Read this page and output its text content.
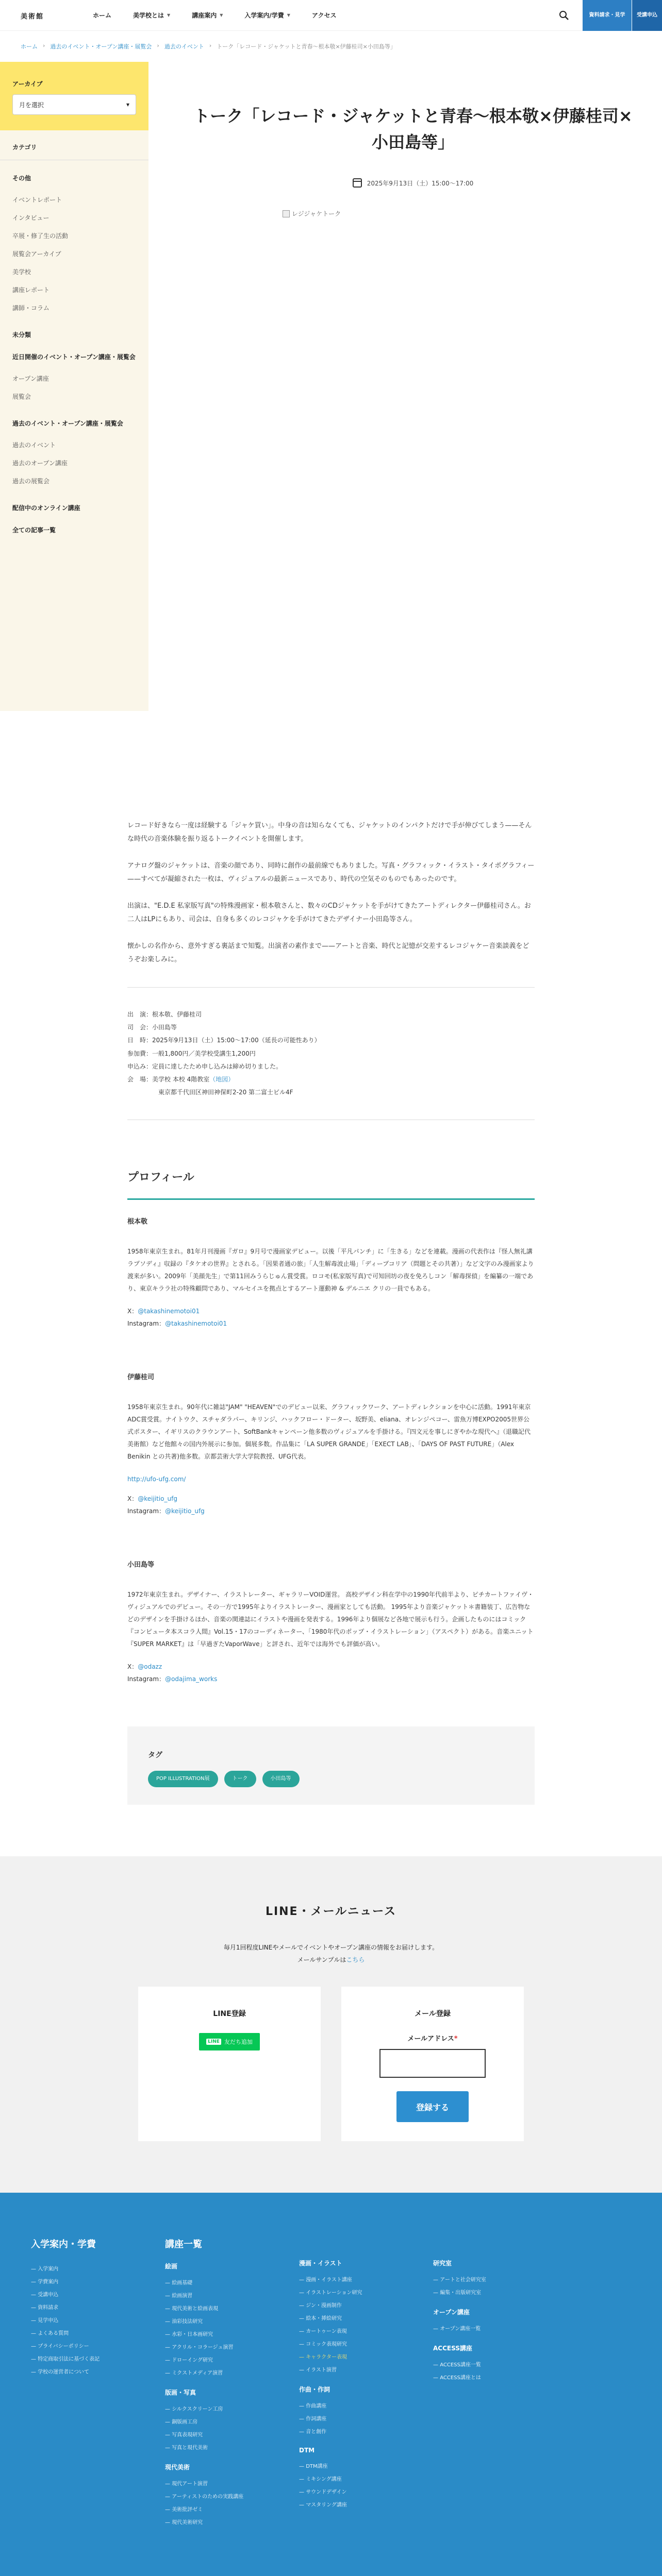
美術館	ホーム	美学校とは ▼	講座案内 ▼	入学案内/学費 ▼	アクセス	資料請求・見学	受講申込
ホーム › 過去のイベント・オープン講座・展覧会 › 過去のイベント › トーク「レコード・ジャケットと青春〜根本敬×伊藤桂司×小田島等」
アーカイブ
月を選択	▾
カテゴリ
その他
イベントレポート
インタビュー
卒展・修了生の活動
展覧会アーカイブ
美学校
講座レポート
講師・コラム
未分類
近日開催のイベント・オープン講座・展覧会
オープン講座
展覧会
過去のイベント・オープン講座・展覧会
過去のイベント
過去のオープン講座
過去の展覧会
配信中のオンライン講座
全ての記事一覧
トーク「レコード・ジャケットと青春〜根本敬×伊藤桂司×小田島等」
2025年9月13日（土）15:00〜17:00
レジジャケトーク

レコード好きなら一度は経験する「ジャケ買い」。中身の音は知らなくても、ジャケットのインパクトだけで手が伸びてしまう——そんな時代の音楽体験を振り返るトークイベントを開催します。

アナログ盤のジャケットは、音楽の顔であり、同時に創作の最前線でもありました。写真・グラフィック・イラスト・タイポグラフィー——すべてが凝縮された一枚は、ヴィジュアルの最新ニュースであり、時代の空気そのものでもあったのです。

出演は、"E.D.E 私家版写真"の特殊漫画家・根本敬さんと、数々のCDジャケットを手がけてきたアートディレクター伊藤桂司さん。お二人はLPにもあり、司会は、自身も多くのレコジャケを手がけてきたデザイナー小田島等さん。

懐かしの名作から、意外すぎる裏話まで知覧。出演者の素作まで——アートと音楽、時代と記憶が交差するレコジャケー音楽談義をどうぞお楽しみに。

出　演：根本敬、伊藤桂司
司　会：小田島等
日　時：2025年9月13日（土）15:00〜17:00（延長の可能性あり）
参加費：一般1,800円／美学校受講生1,200円
申込み：定員に達したため申し込みは締め切りました。
会　場：美学校 本校 4階教室（地図）
東京都千代田区神田神保町2-20 第二富士ビル4F
プロフィール
根本敬

1958年東京生まれ。81年月刊漫画『ガロ』9月号で漫画家デビュー。以後「平凡パンチ」に「生きる」などを連載。漫画の代表作は『怪人無礼講ラプソディ』収録の『タケオの世界』とされる。「因果者通の旅」「人生解毒波止場」「ディープコリア（問題とその共著）」など文字のみ漫画家より渡来が多い。2009年「美顔先生」で第11回みうらじゅん賞受賞。ロコモ(私家版写真)で可知回坊の夜を免ろしコン「解毒探偵」を編纂の一端であり、東京キララ社の特殊顧問であり、マルセイユを拠点とするアート運動神 & デルニエ クリの一員でもある。

X：@takashinemotoi01
Instagram：@takashinemotoi01
伊藤桂司

1958年東京生まれ。90年代に雑誌"JAM" "HEAVEN"でのデビュー以来、グラフィックワーク、アートディレクションを中心に活動。1991年東京ADC賞受賞。ナイトウク、スチャダラパー、キリンジ、ハックフロー・ドーター、坂野美、eliana、オレンジペコー、雷魚万博EXPO2005世界公式ポスター、イギリスのクラウンアート、SoftBankキャンペーン他多数のヴィジュアルを手掛ける。『四文元を事しにぎやかな現代へ』（退職記代美術館）など他館々の国内外展示に参加。個展多数。作品集に「LA SUPER GRANDE」「EXECT LAB」、「DAYS OF PAST FUTURE」（Alex Benikin との共著)他多数。京都芸術大学大学院教授、UFG代表。

http://ufo-ufg.com/
X：@keijitio_ufg
Instagram：@keijitio_ufg
小田島等

1972年東京生まれ。デザイナー、イラストレーター、ギャラリーVOID運営。 高校デザイン科在学中の1990年代前半より、ピチカートファイヴ・ヴィジュアルでのデビュー。その一方で1995年よりイラストレーター、漫画家としても活動。 1995年より音楽ジャケット＊書籍装丁、広告物などのデザインを手掛けるほか、音楽の関連誌にイラストや漫画を発表する。1996年より個展など各地で展示も行う。企画したものにはコミック『コンピュータ本スコラ人間』Vol.15・17のコーディネーター、「1980年代のポップ・イラストレーション」（アスペクト）がある。音楽ユニット『SUPER MARKET』は「早過ぎたVaporWave」と評され、近年では海外でも評価が高い。

X：@odazz
Instagram：@odajima_works
タグ
POP ILLUSTRATION展	トーク	小田島等
LINE・メールニュース
毎月1回程度LINEやメールでイベントやオープン講座の情報をお届けします。
メールサンプルはこちら
LINE登録
LINE 友だち追加
メール登録
メールアドレス*
登録する
入学案内・学費
— 入学案内
— 学費案内
— 受講申込
— 資料請求
— 見学申込
— よくある質問
— プライバシーポリシー
— 特定商取引法に基づく表記
— 学校の運営者について
講座一覧
絵画
— 絵画基礎
— 絵画演習
— 現代美術と絵画表現
— 油彩技法研究
— 水彩・日本画研究
— アクリル・コラージュ演習
— ドローイング研究
— ミクストメディア演習
版画・写真
— シルクスクリーン工房
— 銅版画工房
— 写真表現研究
— 写真と現代美術
現代美術
— 現代アート演習
— アーティストのための実践講座
— 美術批評ゼミ
— 現代美術研究
漫画・イラスト
— 漫画・イラスト講座
— イラストレーション研究
— ジン・漫画制作
— 絵本・挿絵研究
— カートゥーン表現
— コミック表現研究
— キャラクター表現
— イラスト演習
作曲・作詞
— 作曲講座
— 作詞講座
— 音と創作
DTM
— DTM講座
— ミキシング講座
— サウンドデザイン
— マスタリング講座
研究室
— アートと社会研究室
— 編集・出版研究室
オープン講座
— オープン講座一覧
ACCESS講座
— ACCESS講座一覧
— ACCESS講座とは
